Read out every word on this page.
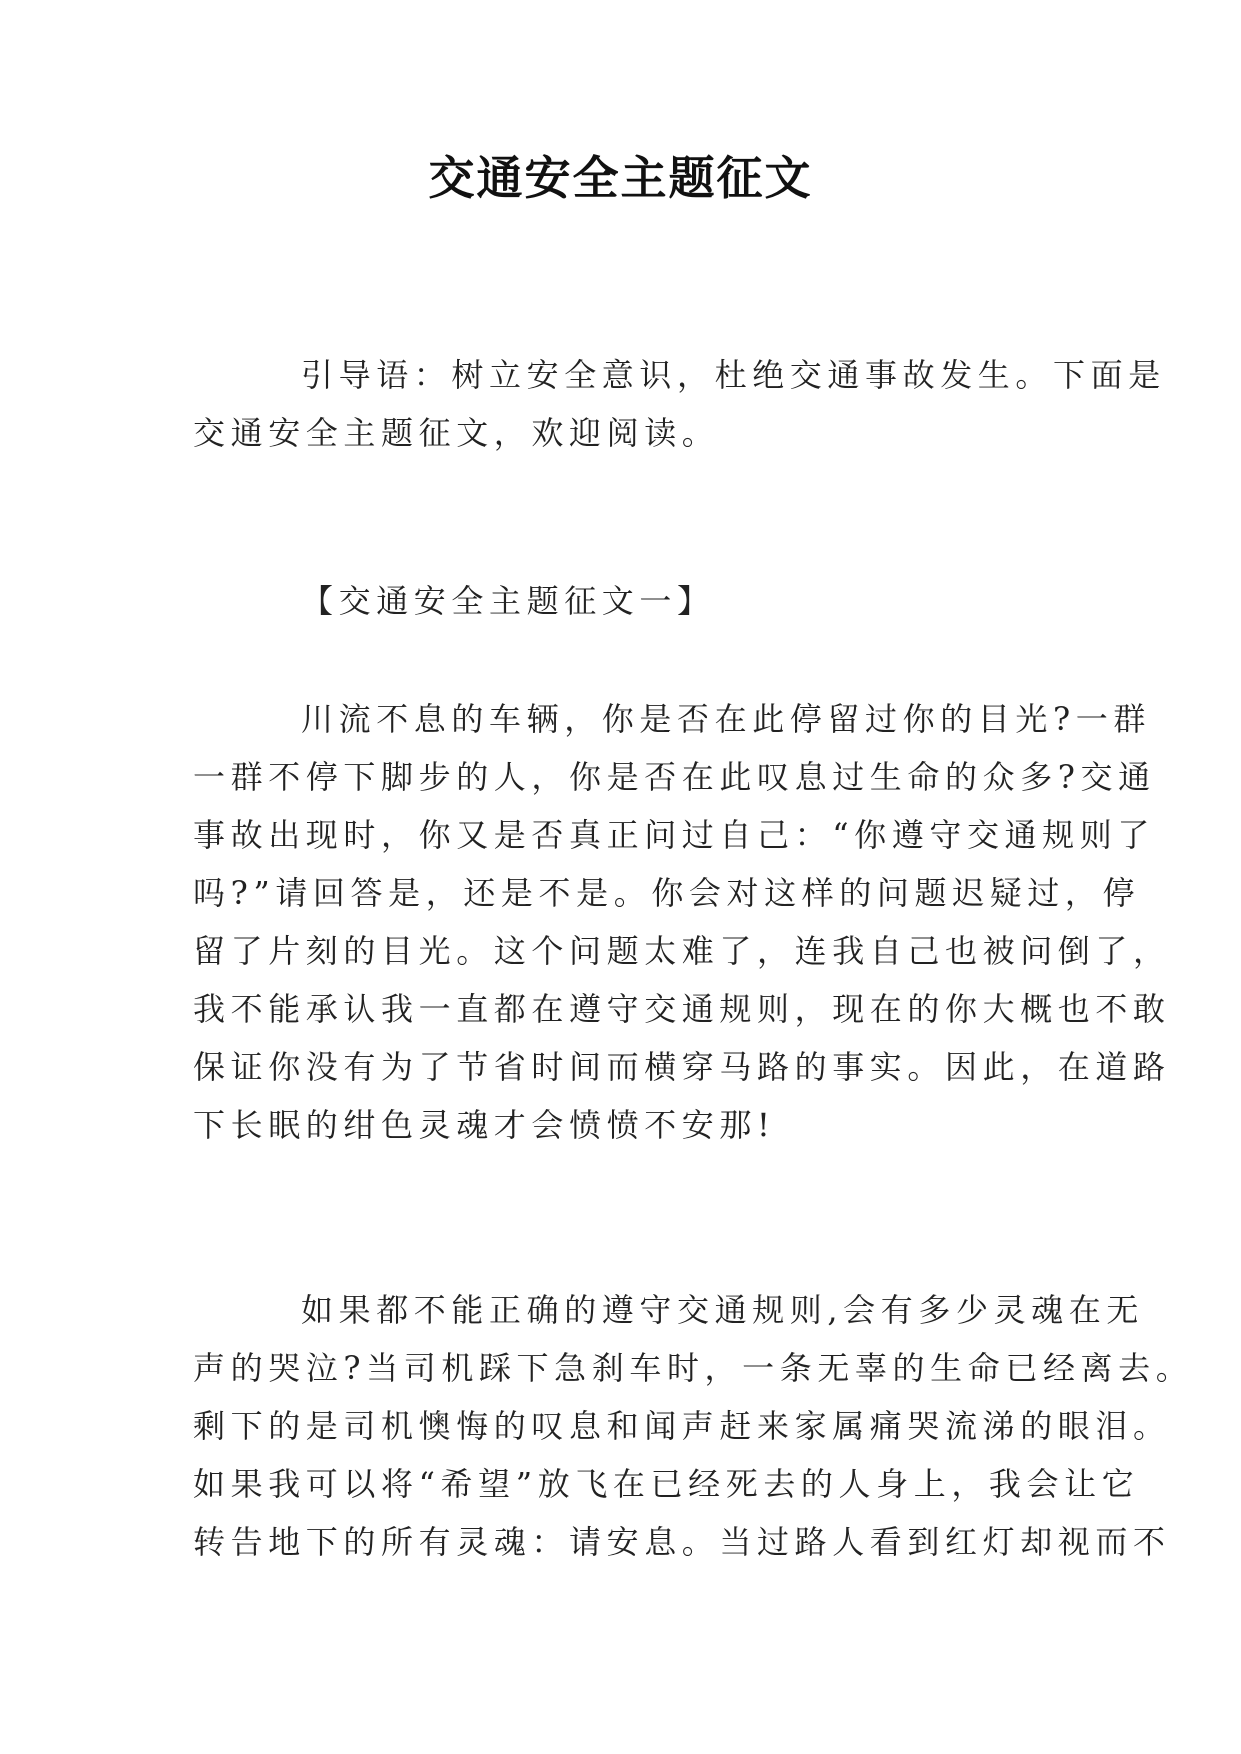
交通安全主题征文
引导语：树立安全意识，杜绝交通事故发生。下面是
交通安全主题征文，欢迎阅读。
【交通安全主题征文一】
川流不息的车辆，你是否在此停留过你的目光?一群
一群不停下脚步的人，你是否在此叹息过生命的众多?交通
事故出现时，你又是否真正问过自己：“你遵守交通规则了
吗?”请回答是，还是不是。你会对这样的问题迟疑过，停
留了片刻的目光。这个问题太难了，连我自己也被问倒了，
我不能承认我一直都在遵守交通规则，现在的你大概也不敢
保证你没有为了节省时间而横穿马路的事实。因此，在道路
下长眠的绀色灵魂才会愤愤不安那!
如果都不能正确的遵守交通规则,会有多少灵魂在无
声的哭泣?当司机踩下急刹车时，一条无辜的生命已经离去。
剩下的是司机懊悔的叹息和闻声赶来家属痛哭流涕的眼泪。
如果我可以将“希望”放飞在已经死去的人身上，我会让它
转告地下的所有灵魂：请安息。当过路人看到红灯却视而不
